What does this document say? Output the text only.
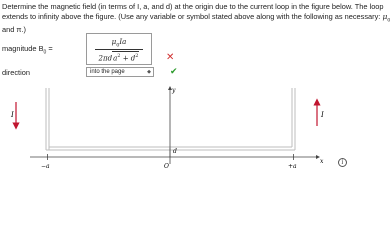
Determine the magnetic field (in terms of I, a, and d) at the origin due to the current loop in the figure below. The loop
extends to infinity above the figure. (Use any variable or symbol stated above along with the following as necessary: $\mu_0$
and π.)
magnitude $B_0$ =
$\mu_0Ia$
$2\pi da^2 + d^2$	✕
direction	into the page	◆ ✔
I	I
y
x
d
O
−a	+a
i
